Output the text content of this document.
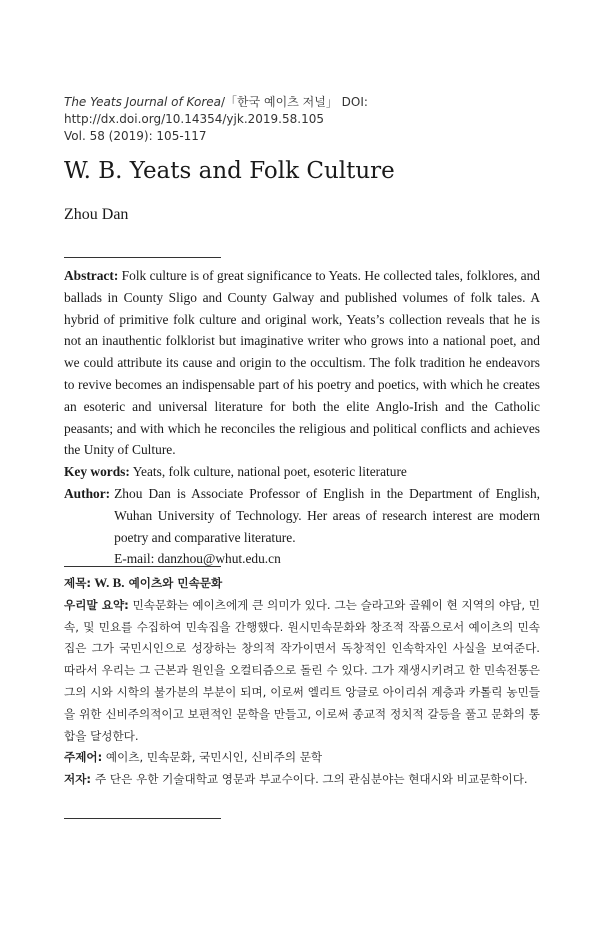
The Yeats Journal of Korea/「한국 예이츠 저널」 DOI: http://dx.doi.org/10.14354/yjk.2019.58.105
Vol. 58 (2019): 105-117
W. B. Yeats and Folk Culture
Zhou Dan

Abstract: Folk culture is of great significance to Yeats. He collected tales, folklores, and ballads in County Sligo and County Galway and published volumes of folk tales. A hybrid of primitive folk culture and original work, Yeats’s collection reveals that he is not an inauthentic folklorist but imaginative writer who grows into a national poet, and we could attribute its cause and origin to the occultism. The folk tradition he endeavors to revive becomes an indispensable part of his poetry and poetics, with which he creates an esoteric and universal literature for both the elite Anglo-Irish and the Catholic peasants; and with which he reconciles the religious and political conflicts and achieves the Unity of Culture.

Key words: Yeats, folk culture, national poet, esoteric literature

Author: Zhou Dan is Associate Professor of English in the Department of English, Wuhan University of Technology. Her areas of research interest are modern poetry and comparative literature.
E-mail: danzhou@whut.edu.cn

제목: W. B. 예이츠와 민속문화

우리말 요약: 민속문화는 예이츠에게 큰 의미가 있다. 그는 슬라고와 골웨이 현 지역의 야담, 민속, 및 민요를 수집하여 민속집을 간행했다. 원시민속문화와 창조적 작품으로서 예이츠의 민속집은 그가 국민시인으로 성장하는 창의적 작가이면서 독창적인 인속학자인 사실을 보여준다. 따라서 우리는 그 근본과 원인을 오컬티즘으로 돌린 수 있다. 그가 재생시키려고 한 민속전통은 그의 시와 시학의 불가분의 부분이 되며, 이로써 엘리트 앙글로 아이리쉬 계층과 카톨릭 농민들을 위한 신비주의적이고 보편적인 문학을 만들고, 이로써 종교적 정치적 갈등을 풀고 문화의 통합을 달성한다.

주제어: 예이츠, 민속문화, 국민시인, 신비주의 문학

저자: 주 단은 우한 기술대학교 영문과 부교수이다. 그의 관심분야는 현대시와 비교문학이다.
